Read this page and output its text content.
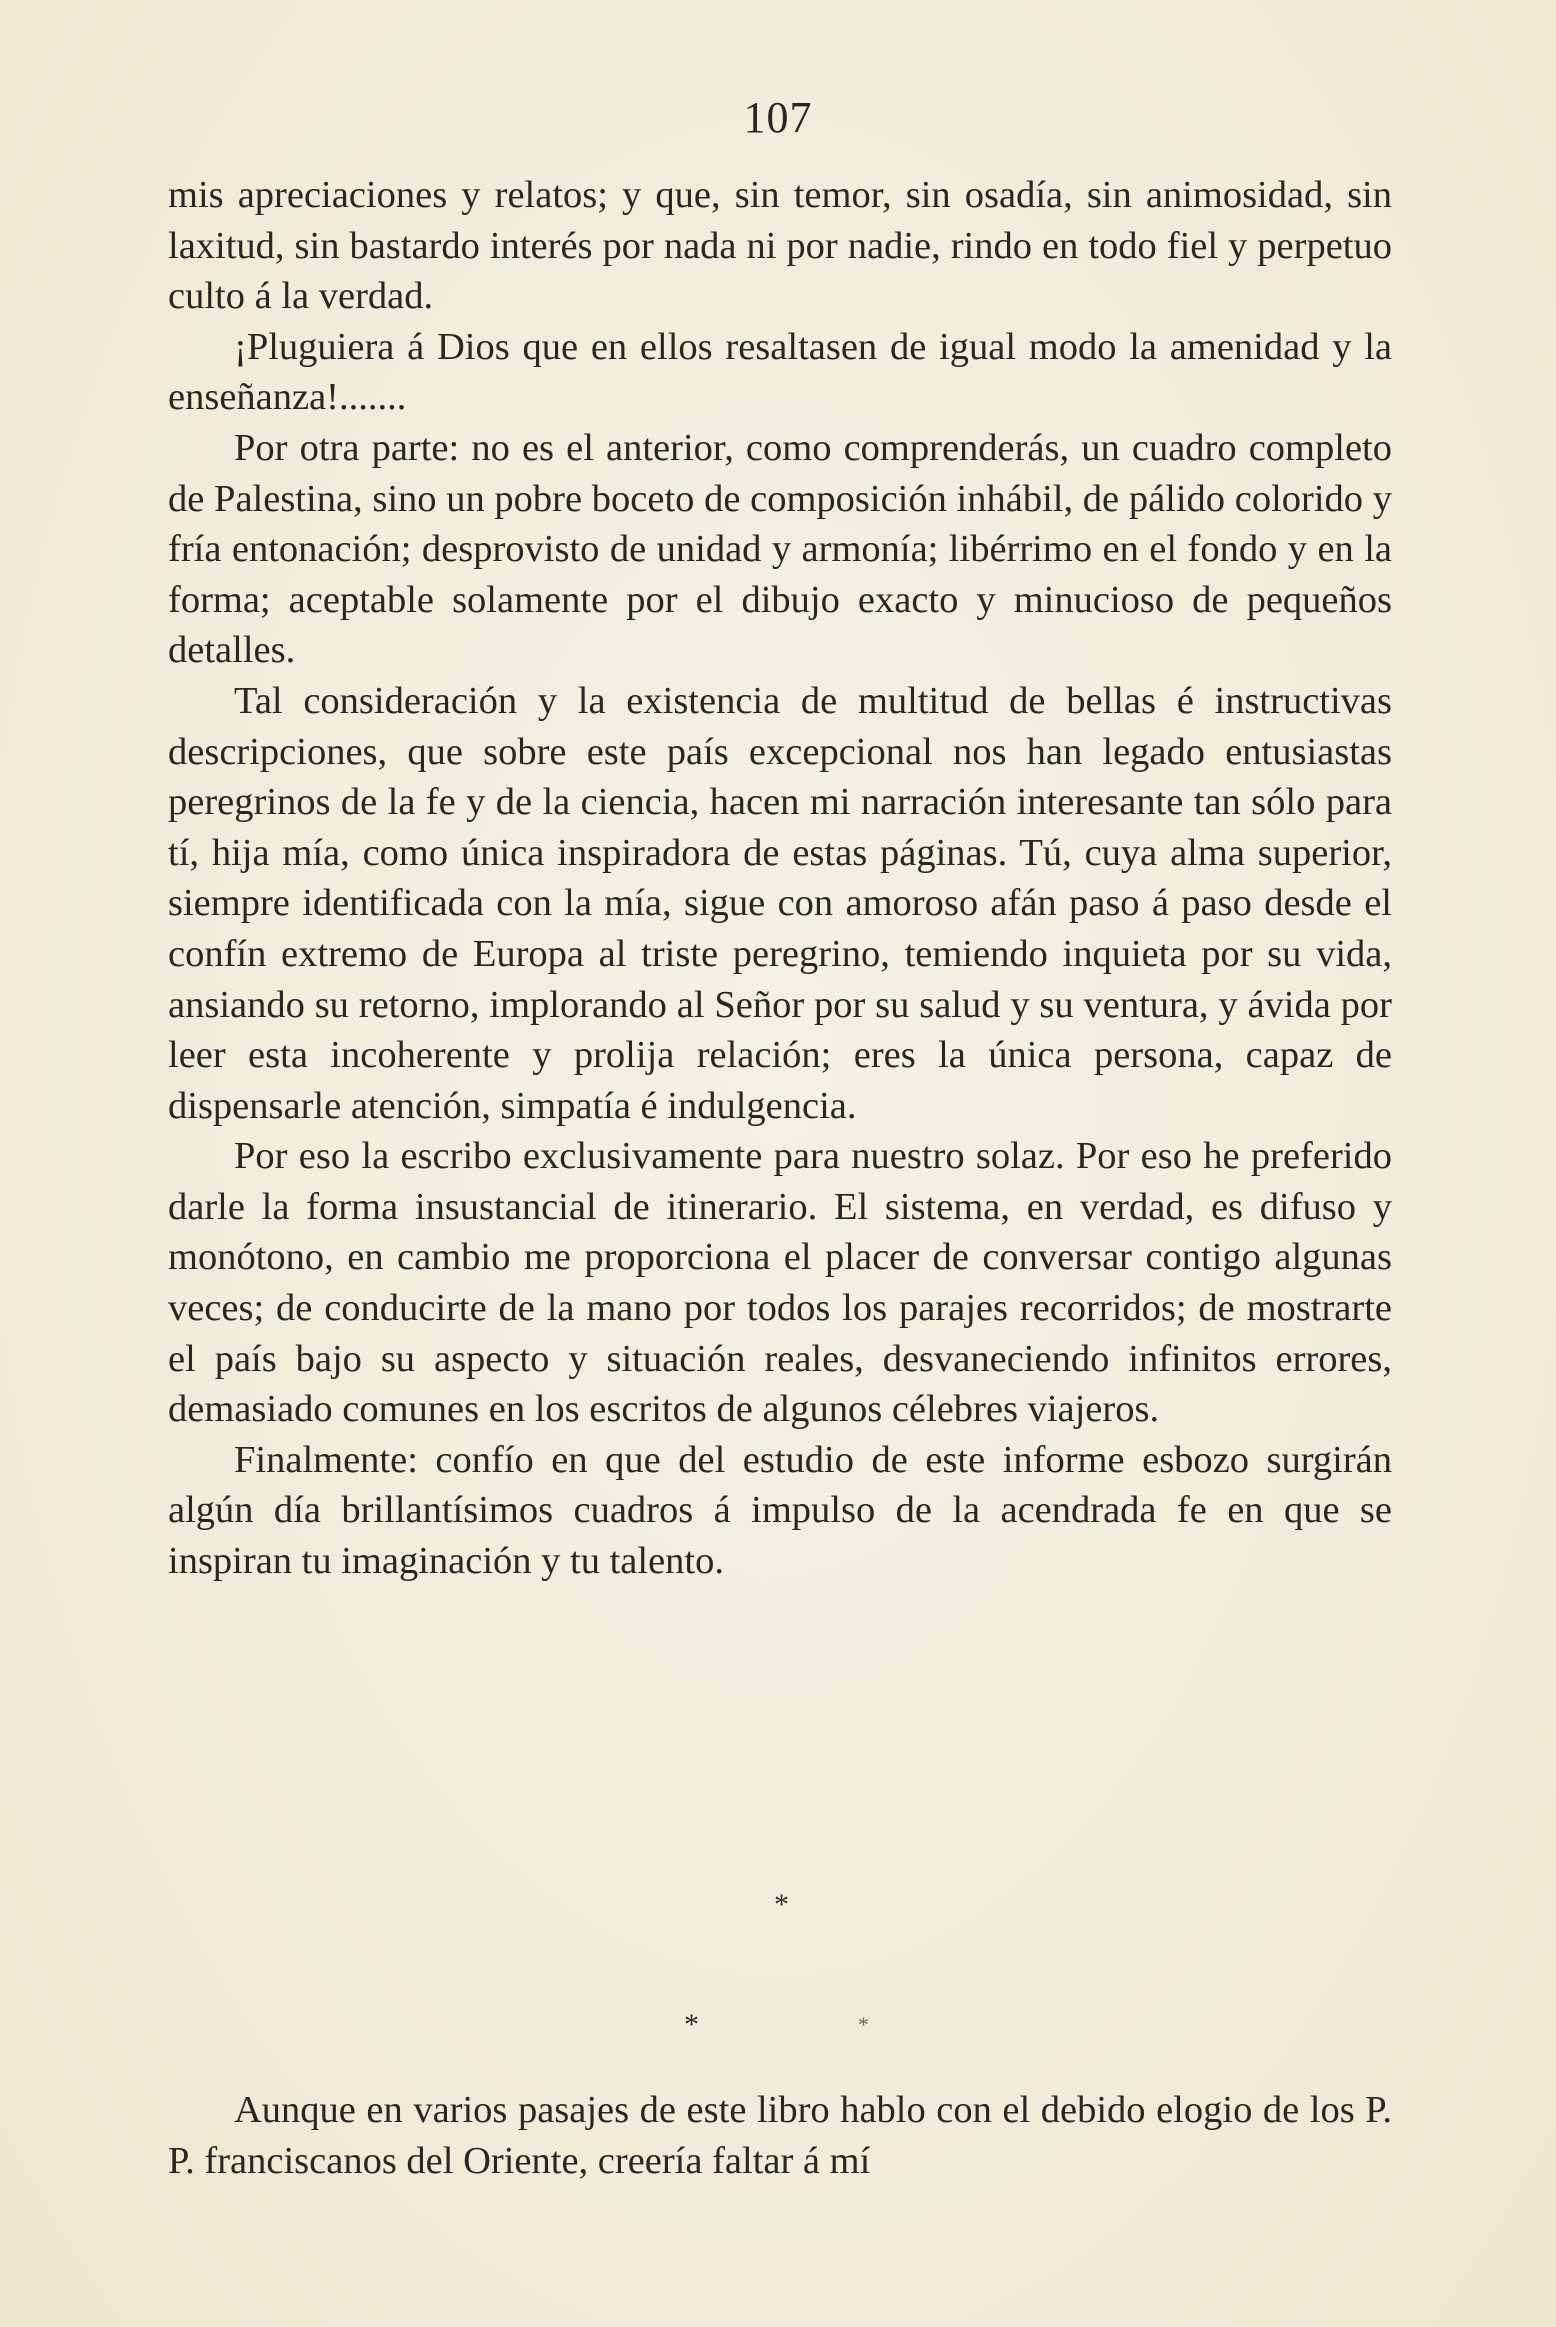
107

mis apreciaciones y relatos; y que, sin temor, sin osadía, sin animosidad, sin laxitud, sin bastardo interés por nada ni por nadie, rindo en todo fiel y perpetuo culto á la verdad.

¡Pluguiera á Dios que en ellos resaltasen de igual modo la amenidad y la enseñanza!.......

Por otra parte: no es el anterior, como comprenderás, un cuadro completo de Palestina, sino un pobre boceto de composición inhábil, de pálido colorido y fría entonación; desprovisto de unidad y armonía; libérrimo en el fondo y en la forma; aceptable solamente por el dibujo exacto y minucioso de pequeños detalles.

Tal consideración y la existencia de multitud de bellas é instructivas descripciones, que sobre este país excepcional nos han legado entusiastas peregrinos de la fe y de la ciencia, hacen mi narración interesante tan sólo para tí, hija mía, como única inspiradora de estas páginas. Tú, cuya alma superior, siempre identificada con la mía, sigue con amoroso afán paso á paso desde el confín extremo de Europa al triste peregrino, temiendo inquieta por su vida, ansiando su retorno, implorando al Señor por su salud y su ventura, y ávida por leer esta incoherente y prolija relación; eres la única persona, capaz de dispensarle atención, simpatía é indulgencia.

Por eso la escribo exclusivamente para nuestro solaz. Por eso he preferido darle la forma insustancial de itinerario. El sistema, en verdad, es difuso y monótono, en cambio me proporciona el placer de conversar contigo algunas veces; de conducirte de la mano por todos los parajes recorridos; de mostrarte el país bajo su aspecto y situación reales, desvaneciendo infinitos errores, demasiado comunes en los escritos de algunos célebres viajeros.

Finalmente: confío en que del estudio de este informe esbozo surgirán algún día brillantísimos cuadros á impulso de la acendrada fe en que se inspiran tu imaginación y tu talento.

*
*	*

Aunque en varios pasajes de este libro hablo con el debido elogio de los P. P. franciscanos del Oriente, creería faltar á mí
